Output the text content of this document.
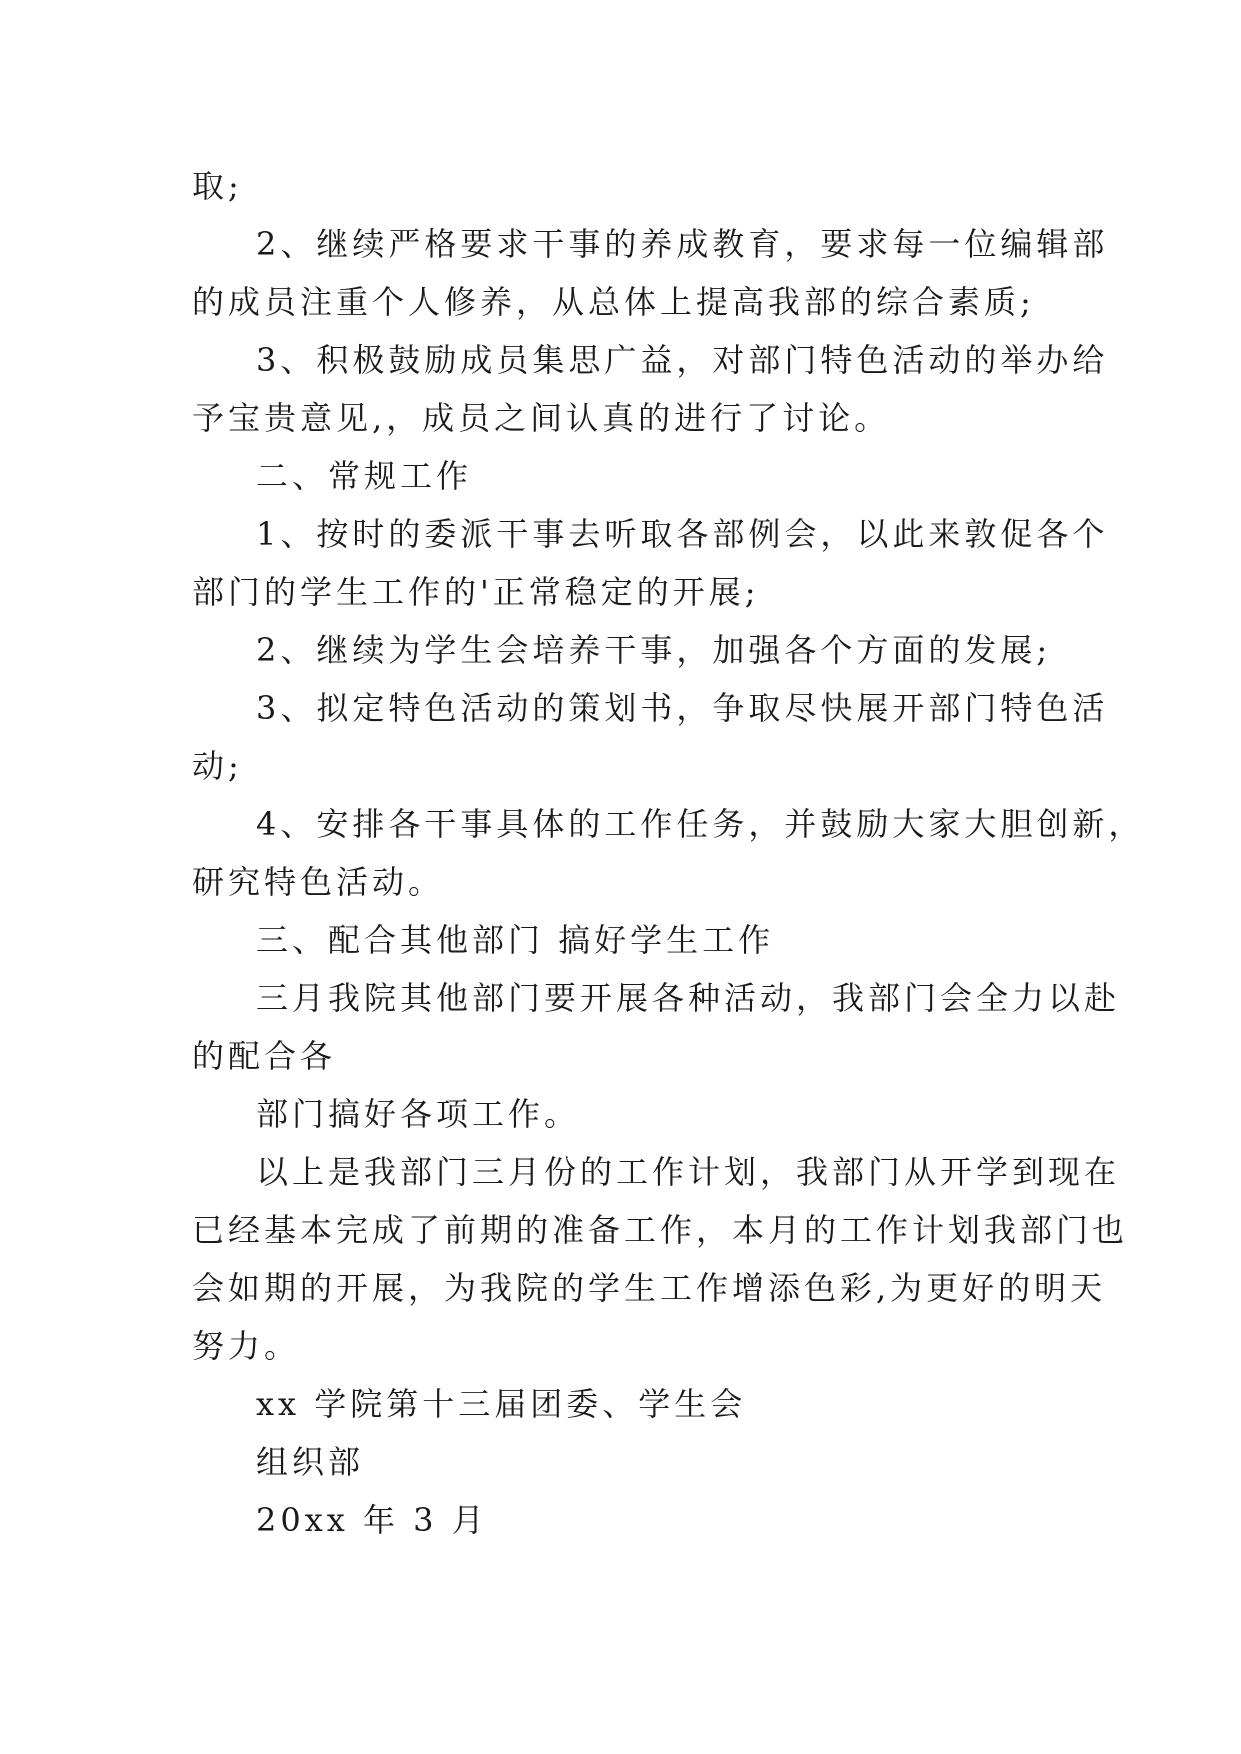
取;

2、继续严格要求干事的养成教育，要求每一位编辑部

的成员注重个人修养，从总体上提高我部的综合素质;

3、积极鼓励成员集思广益，对部门特色活动的举办给

予宝贵意见,，成员之间认真的进行了讨论。

二、常规工作

1、按时的委派干事去听取各部例会，以此来敦促各个

部门的学生工作的'正常稳定的开展;

2、继续为学生会培养干事，加强各个方面的发展;

3、拟定特色活动的策划书，争取尽快展开部门特色活

动;

4、安排各干事具体的工作任务，并鼓励大家大胆创新，

研究特色活动。

三、配合其他部门 搞好学生工作

三月我院其他部门要开展各种活动，我部门会全力以赴

的配合各

部门搞好各项工作。

以上是我部门三月份的工作计划，我部门从开学到现在

已经基本完成了前期的准备工作，本月的工作计划我部门也

会如期的开展，为我院的学生工作增添色彩,为更好的明天

努力。

xx 学院第十三届团委、学生会

组织部

20xx 年 3 月
